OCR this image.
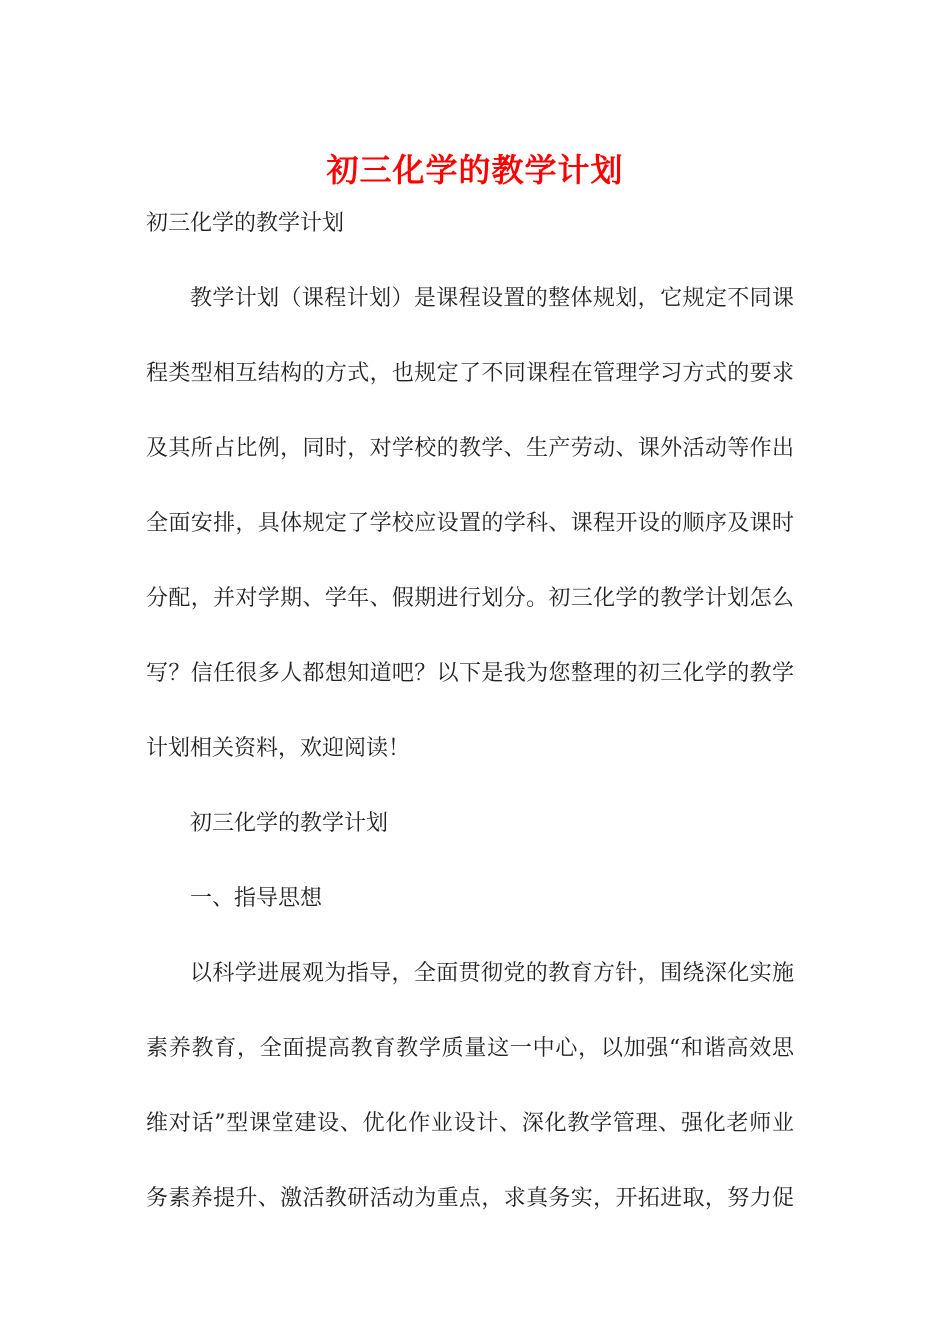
初三化学的教学计划
初三化学的教学计划
教学计划（课程计划）是课程设置的整体规划，它规定不同课
程类型相互结构的方式，也规定了不同课程在管理学习方式的要求
及其所占比例，同时，对学校的教学、生产劳动、课外活动等作出
全面安排，具体规定了学校应设置的学科、课程开设的顺序及课时
分配，并对学期、学年、假期进行划分。初三化学的教学计划怎么
写？信任很多人都想知道吧？以下是我为您整理的初三化学的教学
计划相关资料，欢迎阅读！
初三化学的教学计划
一、指导思想
以科学进展观为指导，全面贯彻党的教育方针，围绕深化实施
素养教育，全面提高教育教学质量这一中心，以加强“和谐高效思
维对话”型课堂建设、优化作业设计、深化教学管理、强化老师业
务素养提升、激活教研活动为重点，求真务实，开拓进取，努力促
